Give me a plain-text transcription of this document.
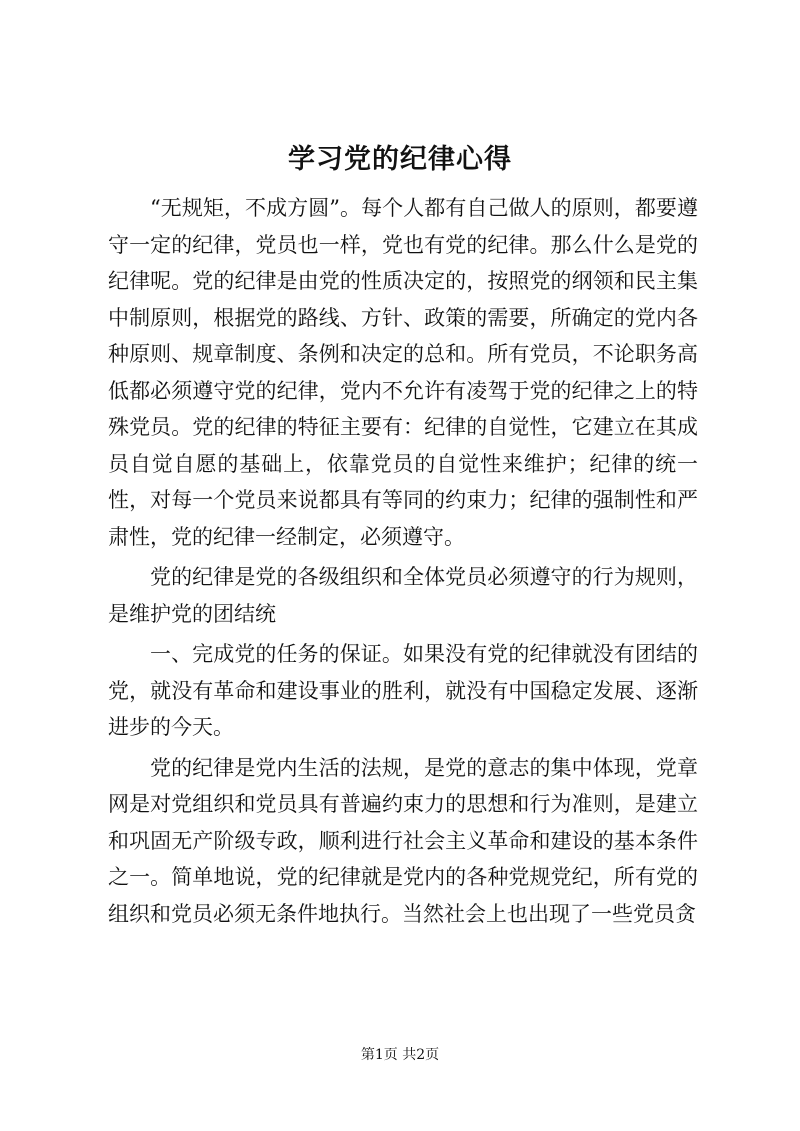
学习党的纪律心得

“无规矩，不成方圆”。每个人都有自己做人的原则，都要遵守一定的纪律，党员也一样，党也有党的纪律。那么什么是党的纪律呢。党的纪律是由党的性质决定的，按照党的纲领和民主集中制原则，根据党的路线、方针、政策的需要，所确定的党内各种原则、规章制度、条例和决定的总和。所有党员，不论职务高低都必须遵守党的纪律，党内不允许有凌驾于党的纪律之上的特殊党员。党的纪律的特征主要有：纪律的自觉性，它建立在其成员自觉自愿的基础上，依靠党员的自觉性来维护；纪律的统一性，对每一个党员来说都具有等同的约束力；纪律的强制性和严肃性，党的纪律一经制定，必须遵守。

党的纪律是党的各级组织和全体党员必须遵守的行为规则，是维护党的团结统

一、完成党的任务的保证。如果没有党的纪律就没有团结的党，就没有革命和建设事业的胜利，就没有中国稳定发展、逐渐进步的今天。

党的纪律是党内生活的法规，是党的意志的集中体现，党章网是对党组织和党员具有普遍约束力的思想和行为准则，是建立和巩固无产阶级专政，顺利进行社会主义革命和建设的基本条件之一。简单地说，党的纪律就是党内的各种党规党纪，所有党的组织和党员必须无条件地执行。当然社会上也出现了一些党员贪

第1页 共2页
